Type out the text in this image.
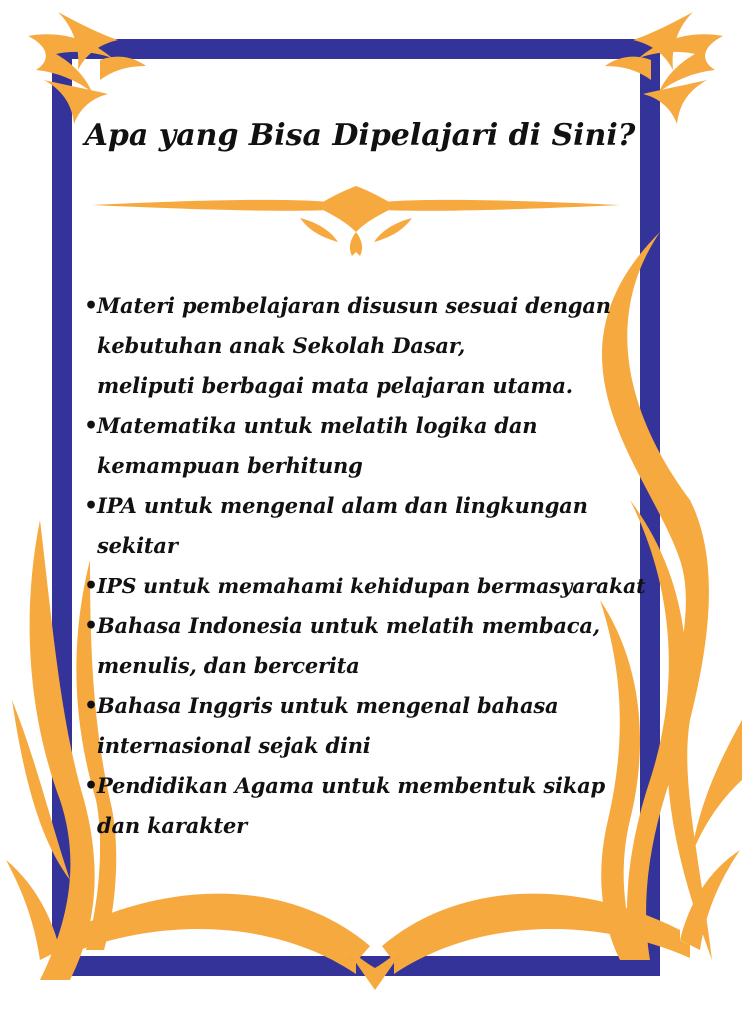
Apa yang Bisa Dipelajari di Sini?
•
Materi pembelajaran disusun sesuai dengan
kebutuhan anak Sekolah Dasar,
meliputi berbagai mata pelajaran utama.
•
Matematika untuk melatih logika dan
kemampuan berhitung
•
IPA untuk mengenal alam dan lingkungan
sekitar
•
IPS untuk memahami kehidupan bermasyarakat
•
Bahasa Indonesia untuk melatih membaca,
menulis, dan bercerita
•
Bahasa Inggris untuk mengenal bahasa
internasional sejak dini
•
Pendidikan Agama untuk membentuk sikap
dan karakter
